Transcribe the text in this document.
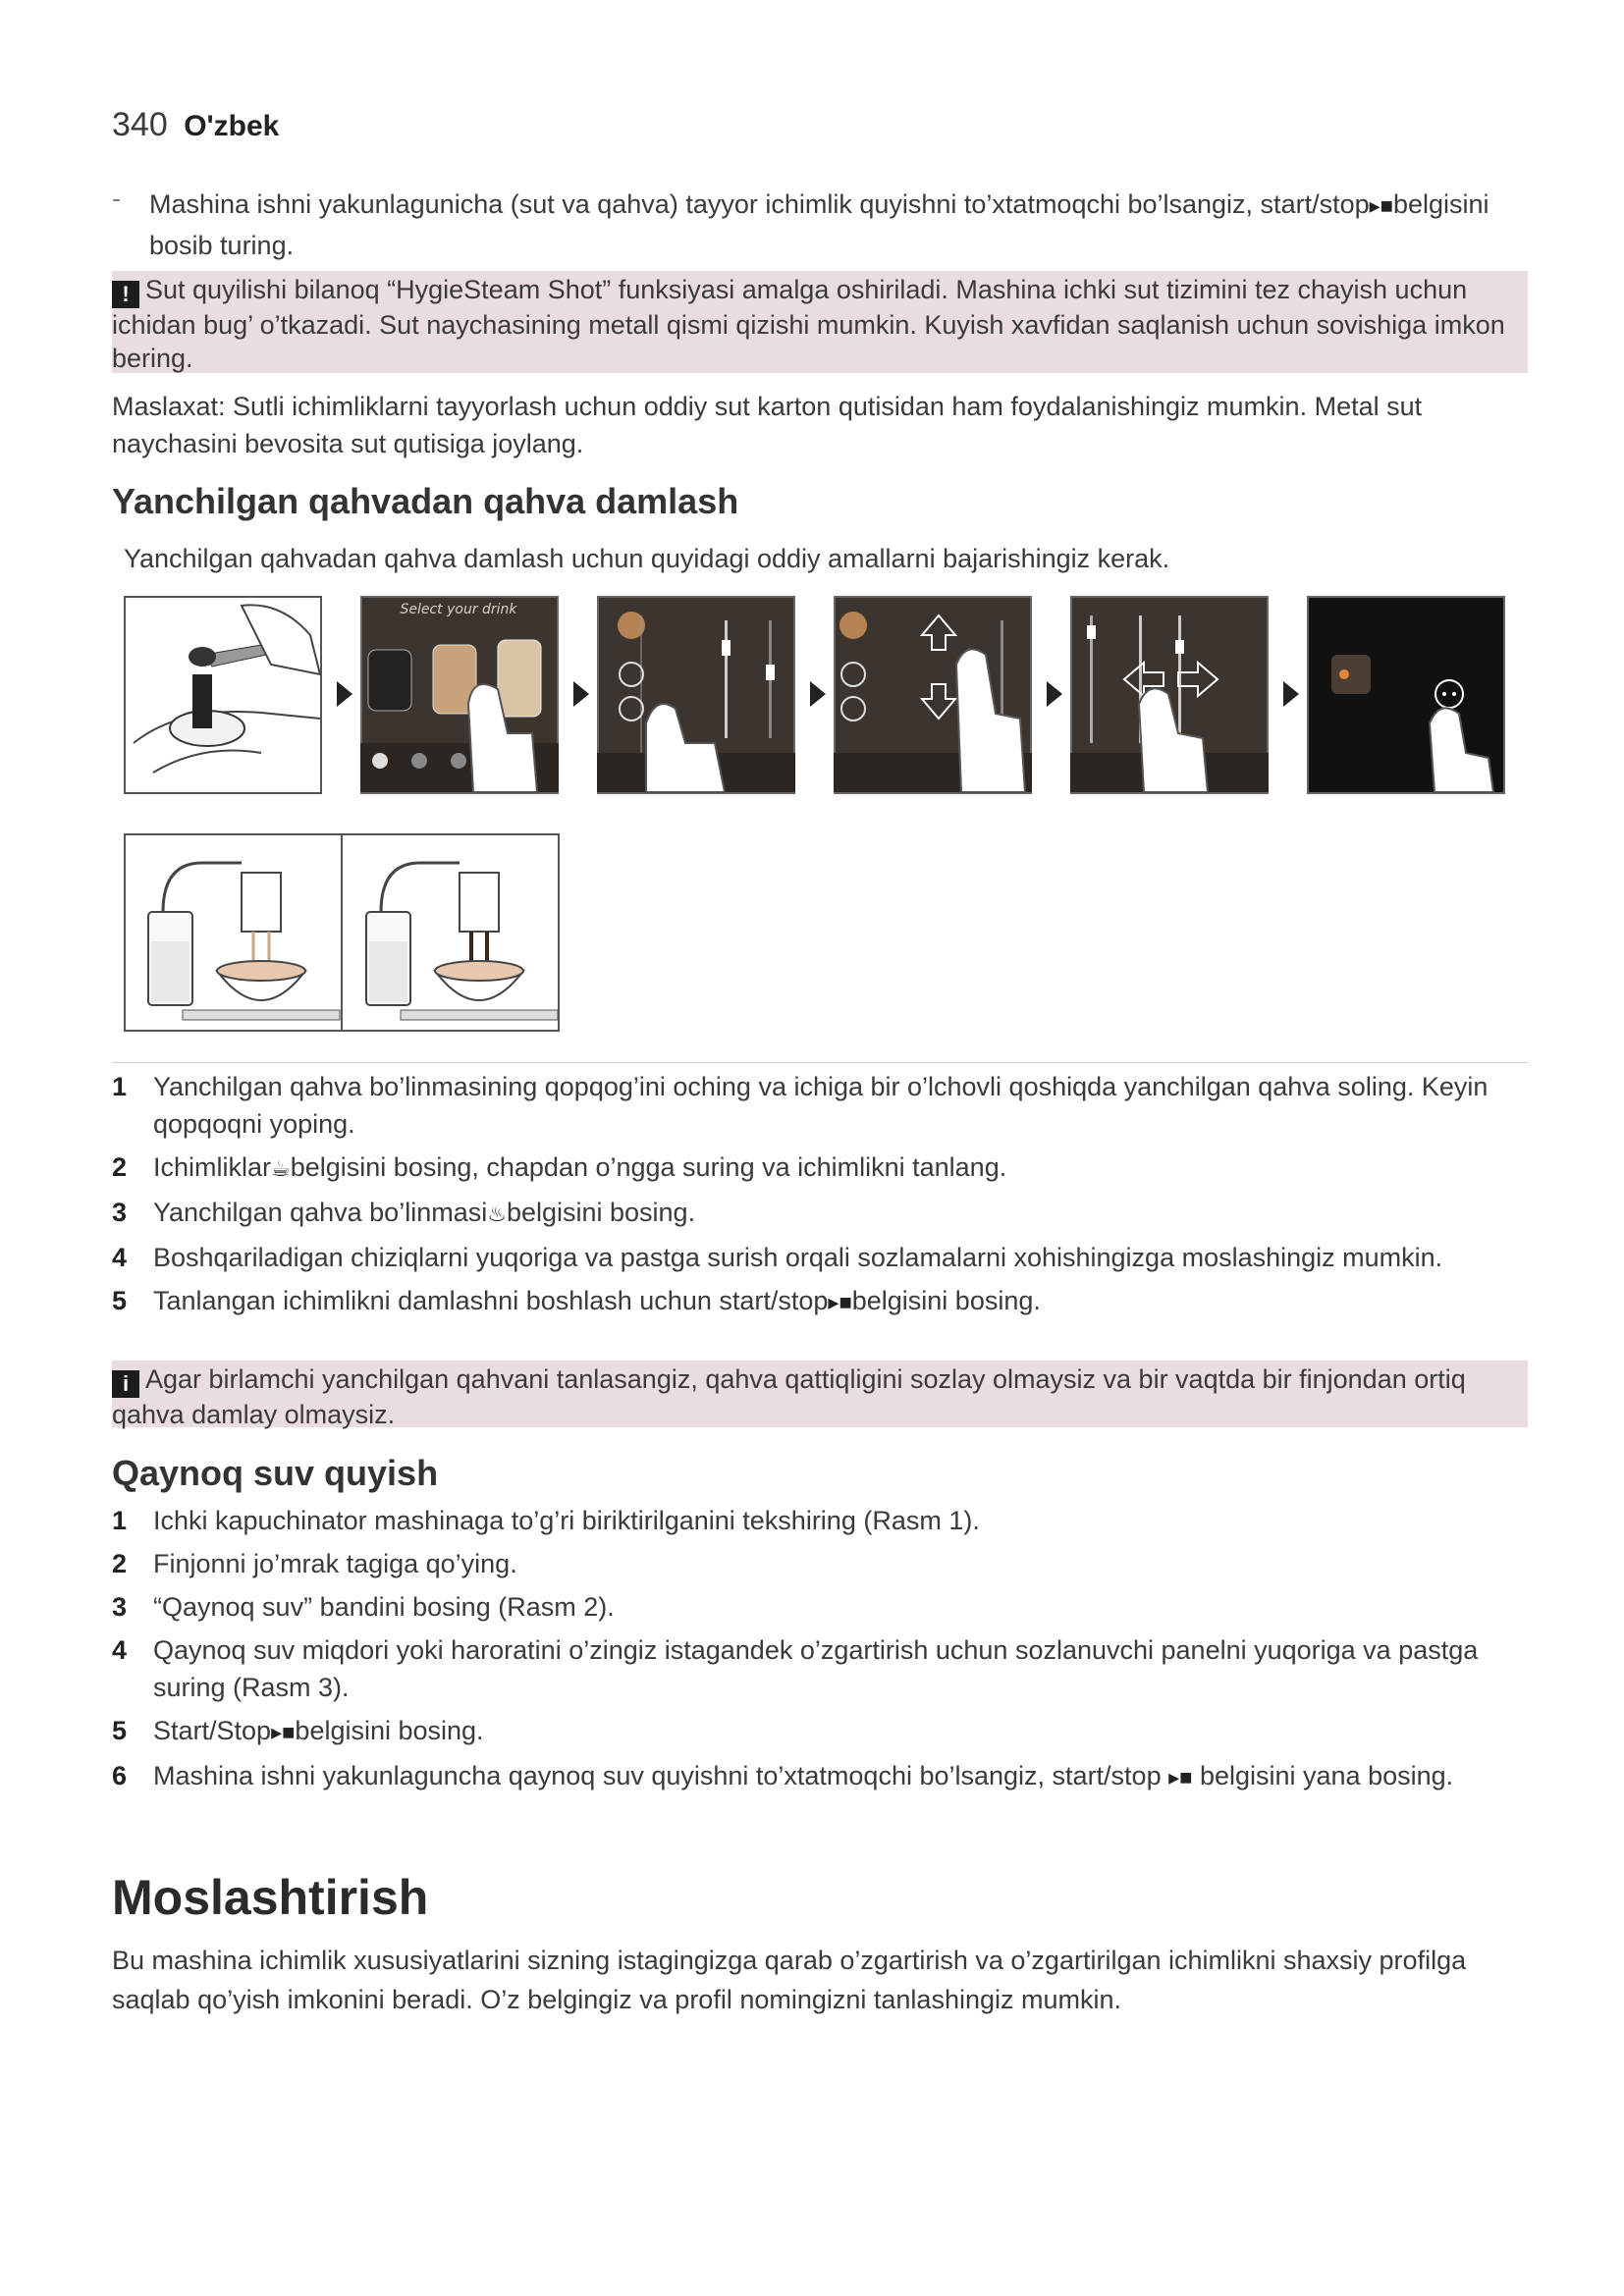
340 O'zbek
- Mashina ishni yakunlagunicha (sut va qahva) tayyor ichimlik quyishni to’xtatmoqchi bo’lsangiz, start/stop▸■belgisini bosib turing.
! Sut quyilishi bilanoq “HygieSteam Shot” funksiyasi amalga oshiriladi. Mashina ichki sut tizimini tez chayish uchun ichidan bug’ o’tkazadi. Sut naychasining metall qismi qizishi mumkin. Kuyish xavfidan saqlanish uchun sovishiga imkon bering.
Maslaxat: Sutli ichimliklarni tayyorlash uchun oddiy sut karton qutisidan ham foydalanishingiz mumkin. Metal sut naychasini bevosita sut qutisiga joylang.
Yanchilgan qahvadan qahva damlash
Yanchilgan qahvadan qahva damlash uchun quyidagi oddiy amallarni bajarishingiz kerak.
Select your drink
1 Yanchilgan qahva bo’linmasining qopqog’ini oching va ichiga bir o’lchovli qoshiqda yanchilgan qahva soling. Keyin qopqoqni yoping.
2 Ichimliklar☕belgisini bosing, chapdan o’ngga suring va ichimlikni tanlang.
3 Yanchilgan qahva bo’linmasi♨belgisini bosing.
4 Boshqariladigan chiziqlarni yuqoriga va pastga surish orqali sozlamalarni xohishingizga moslashingiz mumkin.
5 Tanlangan ichimlikni damlashni boshlash uchun start/stop▸■belgisini bosing.
i Agar birlamchi yanchilgan qahvani tanlasangiz, qahva qattiqligini sozlay olmaysiz va bir vaqtda bir finjondan ortiq qahva damlay olmaysiz.
Qaynoq suv quyish
1 Ichki kapuchinator mashinaga to’g’ri biriktirilganini tekshiring (Rasm 1).
2 Finjonni jo’mrak tagiga qo’ying.
3 “Qaynoq suv” bandini bosing (Rasm 2).
4 Qaynoq suv miqdori yoki haroratini o’zingiz istagandek o’zgartirish uchun sozlanuvchi panelni yuqoriga va pastga suring (Rasm 3).
5 Start/Stop▸■belgisini bosing.
6 Mashina ishni yakunlaguncha qaynoq suv quyishni to’xtatmoqchi bo’lsangiz, start/stop ▸■ belgisini yana bosing.
Moslashtirish
Bu mashina ichimlik xususiyatlarini sizning istagingizga qarab o’zgartirish va o’zgartirilgan ichimlikni shaxsiy profilga saqlab qo’yish imkonini beradi. O’z belgingiz va profil nomingizni tanlashingiz mumkin.
